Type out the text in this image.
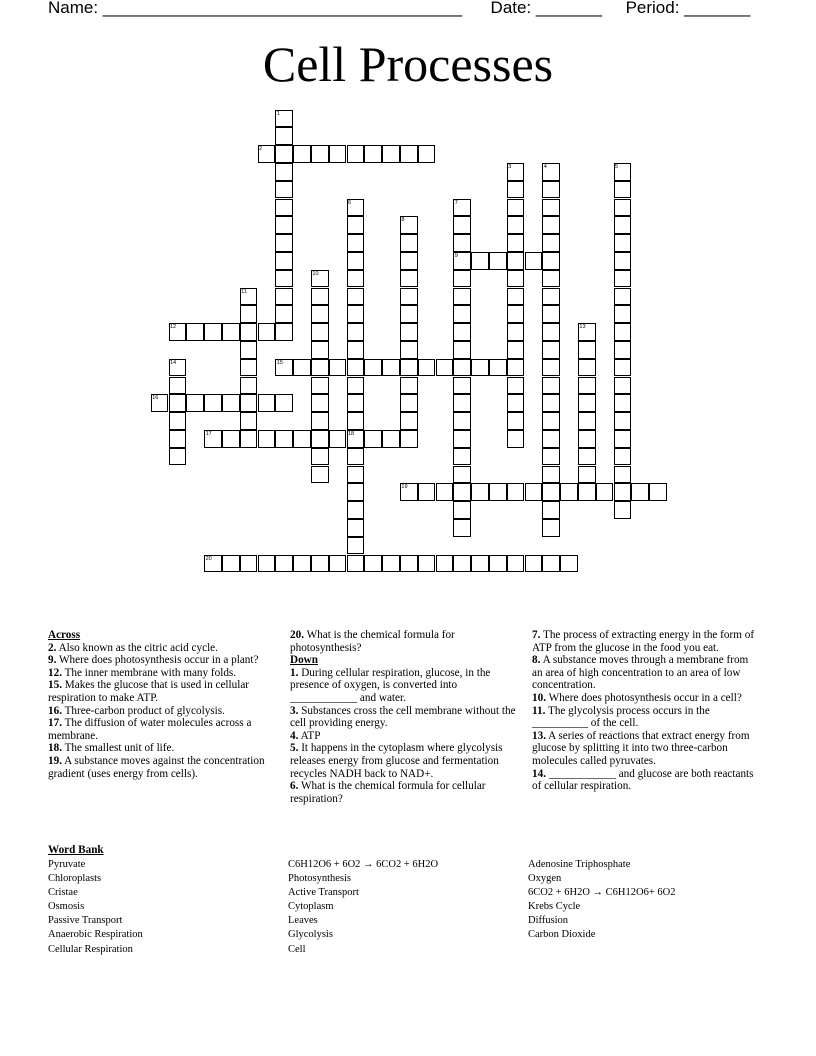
Name: ______________________________________ Date: _______ Period: _______
Cell Processes
1
2
3	4	5
6	7
8
9
10
11
12	13
14	15
16
17	18
19
20
Across
2. Also known as the citric acid cycle.
9. Where does photosynthesis occur in a plant?
12. The inner membrane with many folds.
15. Makes the glucose that is used in cellular respiration to make ATP.
16. Three-carbon product of glycolysis.
17. The diffusion of water molecules across a membrane.
18. The smallest unit of life.
19. A substance moves against the concentration gradient (uses energy from cells).
20. What is the chemical formula for photosynthesis?
Down
1. During cellular respiration, glucose, in the presence of oxygen, is converted into ____________ and water.
3. Substances cross the cell membrane without the cell providing energy.
4. ATP
5. It happens in the cytoplasm where glycolysis releases energy from glucose and fermentation recycles NADH back to NAD+.
6. What is the chemical formula for cellular respiration?
7. The process of extracting energy in the form of ATP from the glucose in the food you eat.
8. A substance moves through a membrane from an area of high concentration to an area of low concentration.
10. Where does photosynthesis occur in a cell?
11. The glycolysis process occurs in the __________ of the cell.
13. A series of reactions that extract energy from glucose by splitting it into two three-carbon molecules called pyruvates.
14. ____________ and glucose are both reactants of cellular respiration.
Word Bank
Pyruvate
Chloroplasts
Cristae
Osmosis
Passive Transport
Anaerobic Respiration
Cellular Respiration
C6H12O6 + 6O2 → 6CO2 + 6H2O
Photosynthesis
Active Transport
Cytoplasm
Leaves
Glycolysis
Cell
Adenosine Triphosphate
Oxygen
6CO2 + 6H2O → C6H12O6+ 6O2
Krebs Cycle
Diffusion
Carbon Dioxide
